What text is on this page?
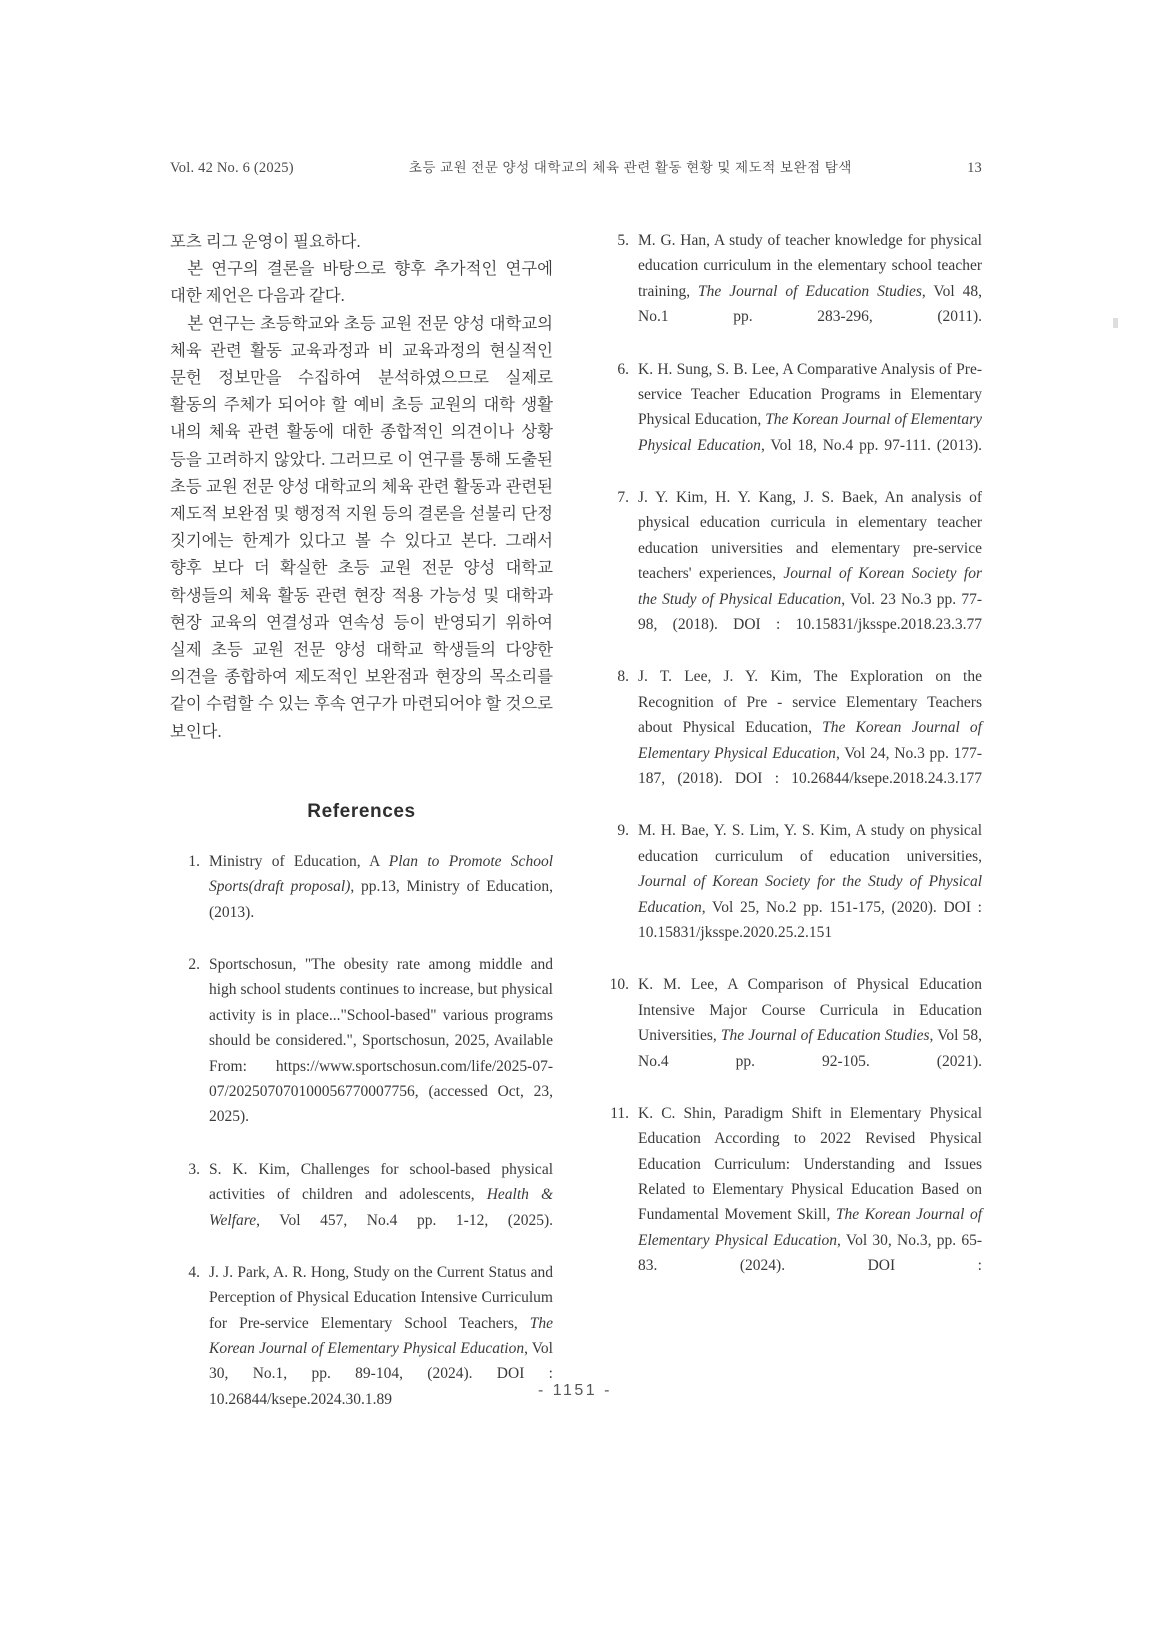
Vol. 42 No. 6 (2025)	초등 교원 전문 양성 대학교의 체육 관련 활동 현황 및 제도적 보완점 탐색	13

포츠 리그 운영이 필요하다.

본 연구의 결론을 바탕으로 향후 추가적인 연구에 대한 제언은 다음과 같다.

본 연구는 초등학교와 초등 교원 전문 양성 대학교의 체육 관련 활동 교육과정과 비 교육과정의 현실적인 문헌 정보만을 수집하여 분석하였으므로 실제로 활동의 주체가 되어야 할 예비 초등 교원의 대학 생활 내의 체육 관련 활동에 대한 종합적인 의견이나 상황 등을 고려하지 않았다. 그러므로 이 연구를 통해 도출된 초등 교원 전문 양성 대학교의 체육 관련 활동과 관련된 제도적 보완점 및 행정적 지원 등의 결론을 섣불리 단정 짓기에는 한계가 있다고 볼 수 있다고 본다. 그래서 향후 보다 더 확실한 초등 교원 전문 양성 대학교 학생들의 체육 활동 관련 현장 적용 가능성 및 대학과 현장 교육의 연결성과 연속성 등이 반영되기 위하여 실제 초등 교원 전문 양성 대학교 학생들의 다양한 의견을 종합하여 제도적인 보완점과 현장의 목소리를 같이 수렴할 수 있는 후속 연구가 마련되어야 할 것으로 보인다.

References
1. Ministry of Education, A Plan to Promote School Sports(draft proposal), pp.13, Ministry of Education, (2013).
2. Sportschosun, "The obesity rate among middle and high school students continues to increase, but physical activity is in place..."School-based" various programs should be considered.", Sportschosun, 2025, Available From: https://www.sportschosun.com/life/2025-07-07/202507070100056770007756, (accessed Oct, 23, 2025).
3. S. K. Kim, Challenges for school-based physical activities of children and adolescents, Health & Welfare, Vol 457, No.4 pp. 1-12, (2025).
4. J. J. Park, A. R. Hong, Study on the Current Status and Perception of Physical Education Intensive Curriculum for Pre-service Elementary School Teachers, The Korean Journal of Elementary Physical Education, Vol 30, No.1, pp. 89-104, (2024). DOI : 10.26844/ksepe.2024.30.1.89
5. M. G. Han, A study of teacher knowledge for physical education curriculum in the elementary school teacher training, The Journal of Education Studies, Vol 48, No.1 pp. 283-296, (2011).
6. K. H. Sung, S. B. Lee, A Comparative Analysis of Pre-service Teacher Education Programs in Elementary Physical Education, The Korean Journal of Elementary Physical Education, Vol 18, No.4 pp. 97-111. (2013).
7. J. Y. Kim, H. Y. Kang, J. S. Baek, An analysis of physical education curricula in elementary teacher education universities and elementary pre-service teachers' experiences, Journal of Korean Society for the Study of Physical Education, Vol. 23 No.3 pp. 77-98, (2018). DOI : 10.15831/jksspe.2018.23.3.77
8. J. T. Lee, J. Y. Kim, The Exploration on the Recognition of Pre - service Elementary Teachers about Physical Education, The Korean Journal of Elementary Physical Education, Vol 24, No.3 pp. 177-187, (2018). DOI : 10.26844/ksepe.2018.24.3.177
9. M. H. Bae, Y. S. Lim, Y. S. Kim, A study on physical education curriculum of education universities, Journal of Korean Society for the Study of Physical Education, Vol 25, No.2 pp. 151-175, (2020). DOI : 10.15831/jksspe.2020.25.2.151
10. K. M. Lee, A Comparison of Physical Education Intensive Major Course Curricula in Education Universities, The Journal of Education Studies, Vol 58, No.4 pp. 92-105. (2021).
11. K. C. Shin, Paradigm Shift in Elementary Physical Education According to 2022 Revised Physical Education Curriculum: Understanding and Issues Related to Elementary Physical Education Based on Fundamental Movement Skill, The Korean Journal of Elementary Physical Education, Vol 30, No.3, pp. 65-83. (2024). DOI :
- 1151 -
